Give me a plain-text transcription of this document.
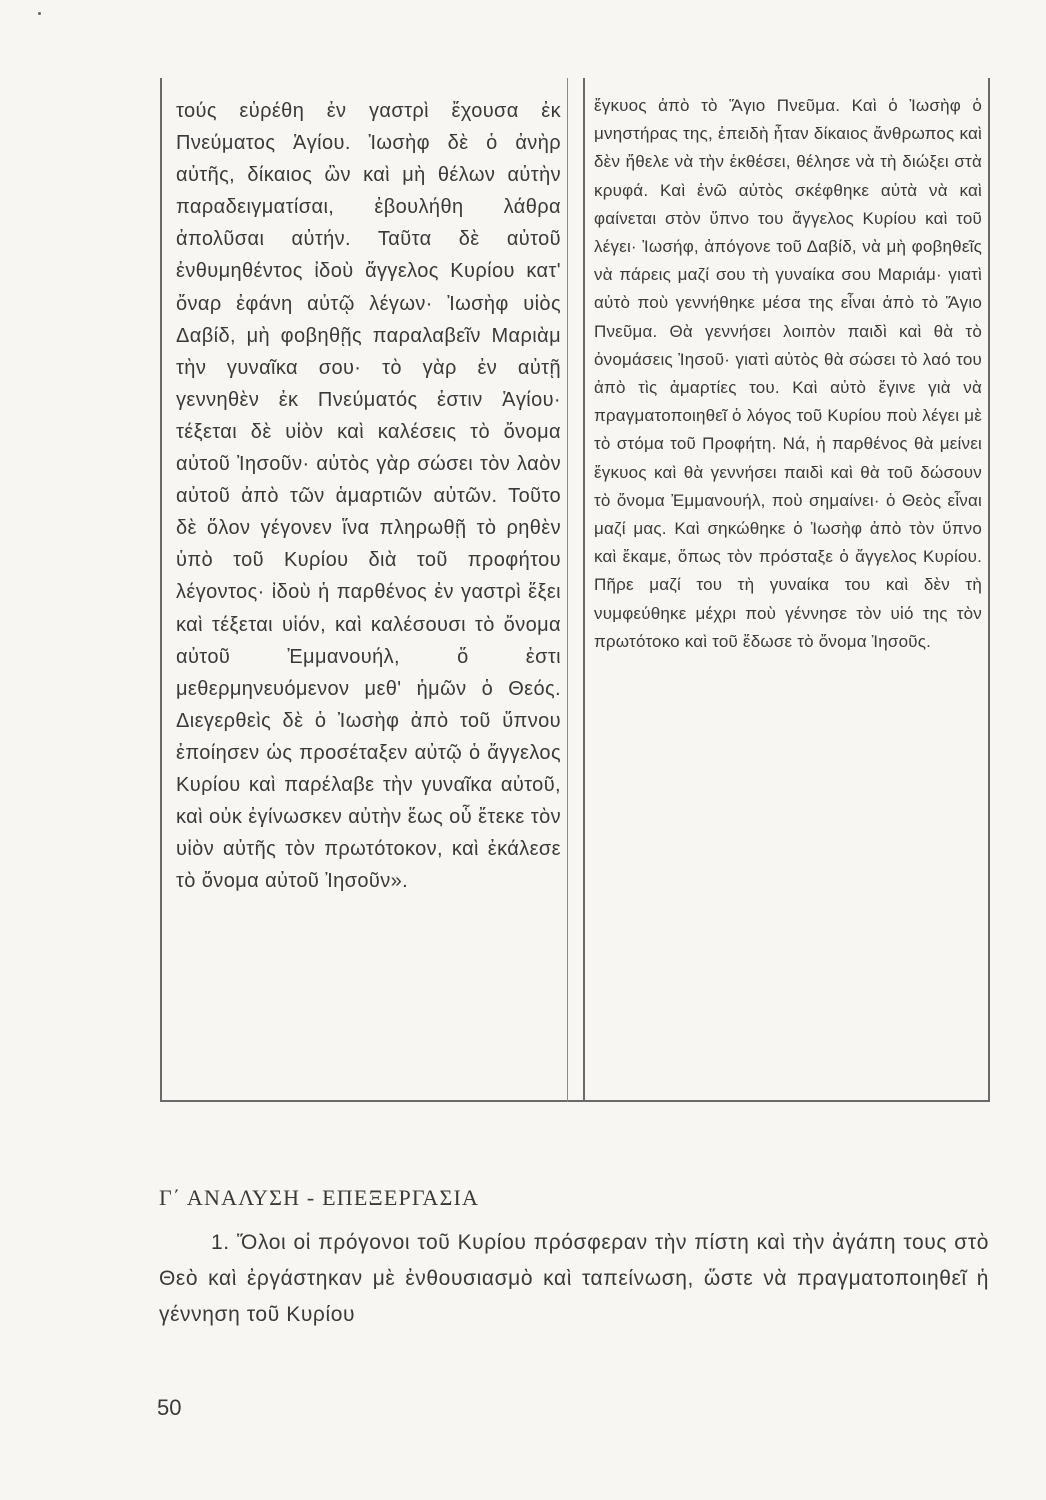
τούς εὑρέθη ἐν γαστρὶ ἔχουσα ἐκ Πνεύματος Ἁγίου. Ἰωσὴφ δὲ ὁ ἀνὴρ αὐτῆς, δίκαιος ὢν καὶ μὴ θέλων αὐτὴν παραδειγματίσαι, ἐβουλήθη λάθρα ἀπολῦσαι αὐτήν. Ταῦτα δὲ αὐτοῦ ἐνθυμηθέντος ἰδοὺ ἄγγελος Κυρίου κατ' ὄναρ ἐφάνη αὐτῷ λέγων· Ἰωσὴφ υἱὸς Δαβίδ, μὴ φοβηθῇς παραλαβεῖν Μαριὰμ τὴν γυναῖκα σου· τὸ γὰρ ἐν αὐτῇ γεννηθὲν ἐκ Πνεύματός ἐστιν Ἁγίου· τέξεται δὲ υἱὸν καὶ καλέσεις τὸ ὄνομα αὐτοῦ Ἰησοῦν· αὐτὸς γὰρ σώσει τὸν λαὸν αὐτοῦ ἀπὸ τῶν ἁμαρτιῶν αὐτῶν. Τοῦτο δὲ ὅλον γέγονεν ἵνα πληρωθῇ τὸ ρηθὲν ὑπὸ τοῦ Κυρίου διὰ τοῦ προφήτου λέγοντος· ἰδοὺ ἡ παρθένος ἐν γαστρὶ ἕξει καὶ τέξεται υἱόν, καὶ καλέσουσι τὸ ὄνομα αὐτοῦ Ἐμμανουήλ, ὅ ἐστι μεθερμηνευόμενον μεθ' ἡμῶν ὁ Θεός. Διεγερθεὶς δὲ ὁ Ἰωσὴφ ἀπὸ τοῦ ὕπνου ἐποίησεν ὡς προσέταξεν αὐτῷ ὁ ἄγγελος Κυρίου καὶ παρέλαβε τὴν γυναῖκα αὐτοῦ, καὶ οὐκ ἐγίνωσκεν αὐτὴν ἕως οὗ ἔτεκε τὸν υἱὸν αὐτῆς τὸν πρωτότοκον, καὶ ἐκάλεσε τὸ ὄνομα αὐτοῦ Ἰησοῦν».

ἔγκυος ἀπὸ τὸ Ἅγιο Πνεῦμα. Καὶ ὁ Ἰωσὴφ ὁ μνηστήρας της, ἐπειδὴ ἦταν δίκαιος ἄνθρωπος καὶ δὲν ἤθελε νὰ τὴν ἐκθέσει, θέλησε νὰ τὴ διώξει στὰ κρυφά. Καὶ ἐνῶ αὐτὸς σκέφθηκε αὐτὰ νὰ καὶ φαίνεται στὸν ὕπνο του ἄγγελος Κυρίου καὶ τοῦ λέγει· Ἰωσήφ, ἀπόγονε τοῦ Δαβίδ, νὰ μὴ φοβηθεῖς νὰ πάρεις μαζί σου τὴ γυναίκα σου Μαριάμ· γιατὶ αὐτὸ ποὺ γεννήθηκε μέσα της εἶναι ἀπὸ τὸ Ἅγιο Πνεῦμα. Θὰ γεννήσει λοιπὸν παιδὶ καὶ θὰ τὸ ὀνομάσεις Ἰησοῦ· γιατὶ αὐτὸς θὰ σώσει τὸ λαό του ἀπὸ τὶς ἁμαρτίες του. Καὶ αὐτὸ ἔγινε γιὰ νὰ πραγματοποιηθεῖ ὁ λόγος τοῦ Κυρίου ποὺ λέγει μὲ τὸ στόμα τοῦ Προφήτη. Νά, ἡ παρθένος θὰ μείνει ἔγκυος καὶ θὰ γεννήσει παιδὶ καὶ θὰ τοῦ δώσουν τὸ ὄνομα Ἐμμανουήλ, ποὺ σημαίνει· ὁ Θεὸς εἶναι μαζί μας. Καὶ σηκώθηκε ὁ Ἰωσὴφ ἀπὸ τὸν ὕπνο καὶ ἔκαμε, ὅπως τὸν πρόσταξε ὁ ἄγγελος Κυρίου. Πῆρε μαζί του τὴ γυναίκα του καὶ δὲν τὴ νυμφεύθηκε μέχρι ποὺ γέννησε τὸν υἱό της τὸν πρωτότοκο καὶ τοῦ ἔδωσε τὸ ὄνομα Ἰησοῦς.

Γ΄ ΑΝΑΛΥΣΗ - ΕΠΕΞΕΡΓΑΣΙΑ

1. Ὅλοι οἱ πρόγονοι τοῦ Κυρίου πρόσφεραν τὴν πίστη καὶ τὴν ἀγάπη τους στὸ Θεὸ καὶ ἐργάστηκαν μὲ ἐνθουσιασμὸ καὶ ταπείνωση, ὥστε νὰ πραγματοποιηθεῖ ἡ γέννηση τοῦ Κυρίου

50
